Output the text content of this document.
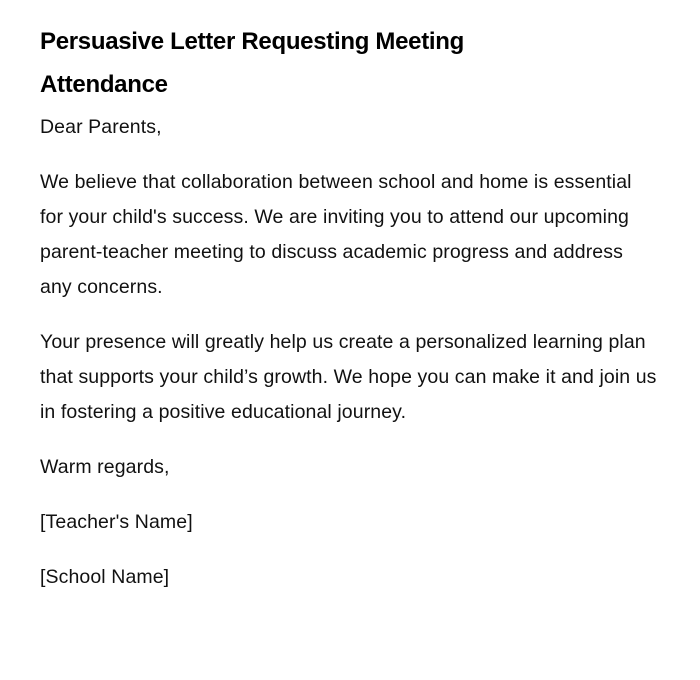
Persuasive Letter Requesting Meeting Attendance

Dear Parents,

We believe that collaboration between school and home is essential for your child's success. We are inviting you to attend our upcoming parent-teacher meeting to discuss academic progress and address any concerns.

Your presence will greatly help us create a personalized learning plan that supports your child’s growth. We hope you can make it and join us in fostering a positive educational journey.

Warm regards,

[Teacher's Name]

[School Name]
